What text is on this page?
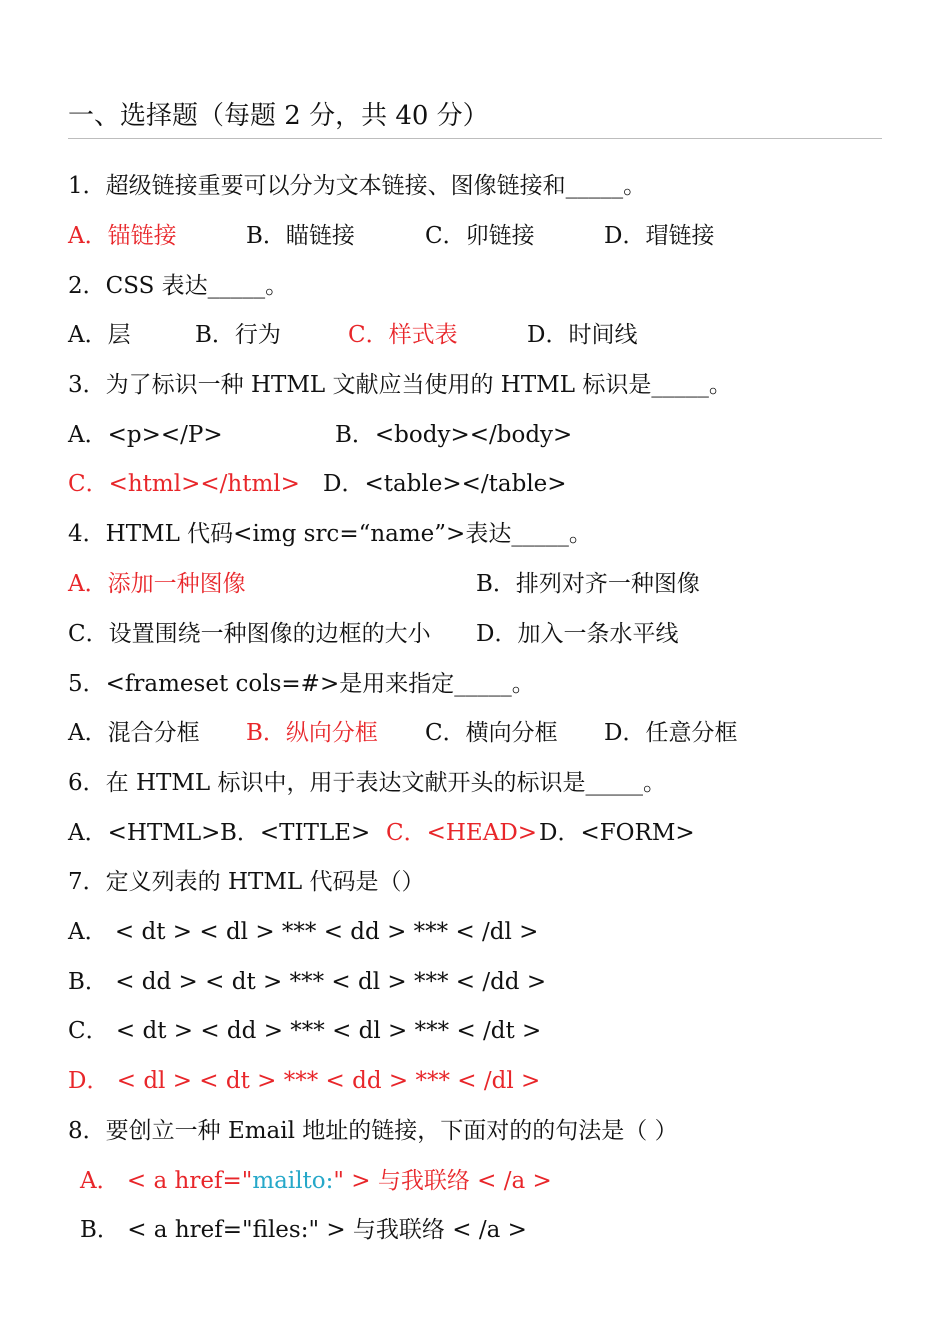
一、选择题（每题 2 分，共 40 分）
1．超级链接重要可以分为文本链接、图像链接和_____。
A．锚链接	B．瞄链接	C．卯链接	D．瑁链接
2．CSS 表达_____。
A．层	B．行为	C．样式表	D．时间线
3．为了标识一种 HTML 文献应当使用的 HTML 标识是_____。
A．<p></P>	B．<body></body>
C．<html></html> D．<table></table>
4．HTML 代码<img src=“name”>表达_____。
A．添加一种图像	B．排列对齐一种图像
C．设置围绕一种图像的边框的大小 D．加入一条水平线
5．<frameset cols=#>是用来指定_____。
A．混合分框 B．纵向分框 C．横向分框 D．任意分框
6．在 HTML 标识中，用于表达文献开头的标识是_____。
A．<HTML> B．<TITLE> C．<HEAD> D．<FORM>
7．定义列表的 HTML 代码是（）
A． < dt > < dl > *** < dd > *** < /dl >
B． < dd > < dt > *** < dl > *** < /dd >
C． < dt > < dd > *** < dl > *** < /dt >
D． < dl > < dt > *** < dd > *** < /dl >
8．要创立一种 Email 地址的链接，下面对的的句法是（ ）
A． < a href="mailto:" > 与我联络 < /a >
B． < a href="files:" > 与我联络 < /a >
